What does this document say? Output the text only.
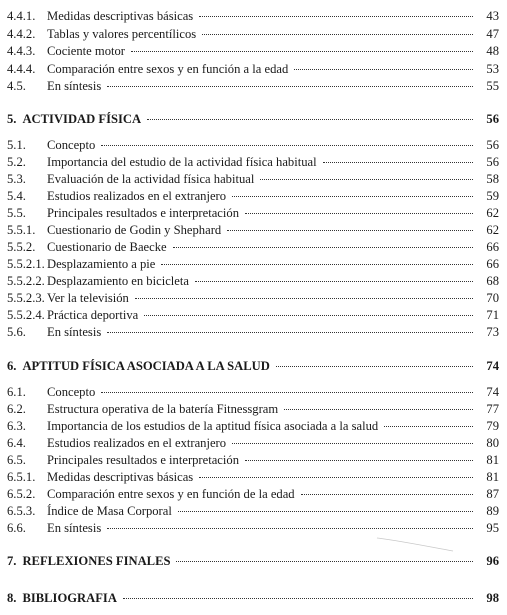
4.4.1. Medidas descriptivas básicas	43
4.4.2. Tablas y valores percentílicos	47
4.4.3. Cociente motor	48
4.4.4. Comparación entre sexos y en función a la edad	53
4.5.	En síntesis	55
5. ACTIVIDAD FÍSICA	56
5.1.	Concepto	56
5.2.	Importancia del estudio de la actividad física habitual	56
5.3.	Evaluación de la actividad física habitual	58
5.4.	Estudios realizados en el extranjero	59
5.5.	Principales resultados e interpretación	62
5.5.1. Cuestionario de Godin y Shephard	62
5.5.2. Cuestionario de Baecke	66
5.5.2.1. Desplazamiento a pie	66
5.5.2.2. Desplazamiento en bicicleta	68
5.5.2.3. Ver la televisión	70
5.5.2.4. Práctica deportiva	71
5.6.	En síntesis	73
6. APTITUD FÍSICA ASOCIADA A LA SALUD	74
6.1.	Concepto	74
6.2.	Estructura operativa de la batería Fitnessgram	77
6.3.	Importancia de los estudios de la aptitud física asociada a la salud	79
6.4.	Estudios realizados en el extranjero	80
6.5.	Principales resultados e interpretación	81
6.5.1. Medidas descriptivas básicas	81
6.5.2. Comparación entre sexos y en función de la edad	87
6.5.3. Índice de Masa Corporal	89
6.6.	En síntesis	95
7. REFLEXIONES FINALES	96
8. BIBLIOGRAFIA	98
